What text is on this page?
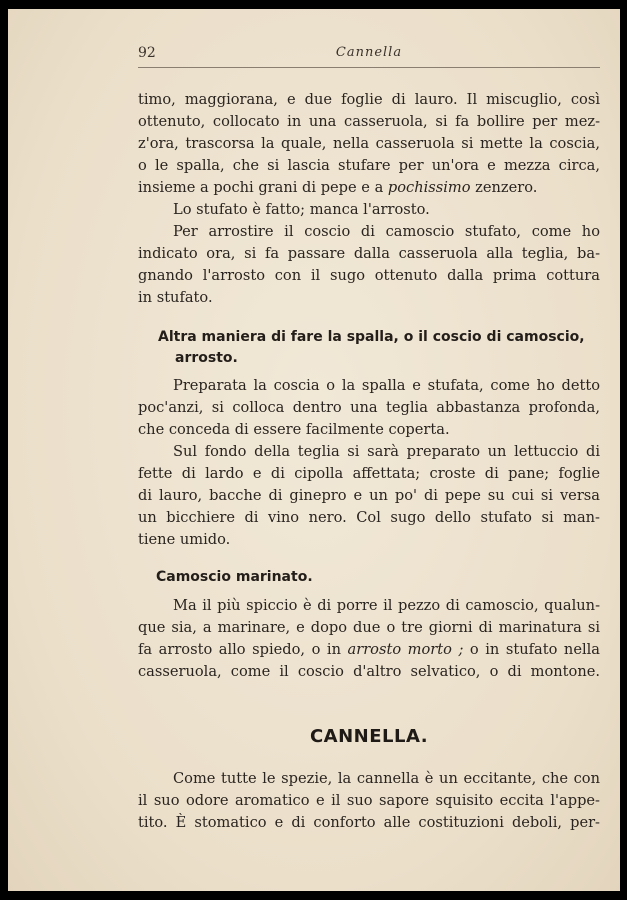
92	Cannella
timo, maggiorana, e due foglie di lauro. Il miscuglio, così
ottenuto, collocato in una casseruola, si fa bollire per mez-
z'ora, trascorsa la quale, nella casseruola si mette la coscia,
o le spalla, che si lascia stufare per un'ora e mezza circa,
insieme a pochi grani di pepe e a pochissimo zenzero.
Lo stufato è fatto; manca l'arrosto.
Per arrostire il coscio di camoscio stufato, come ho
indicato ora, si fa passare dalla casseruola alla teglia, ba-
gnando l'arrosto con il sugo ottenuto dalla prima cottura
in stufato.
Altra maniera di fare la spalla, o il coscio di camoscio,
arrosto.
Preparata la coscia o la spalla e stufata, come ho detto
poc'anzi, si colloca dentro una teglia abbastanza profonda,
che conceda di essere facilmente coperta.
Sul fondo della teglia si sarà preparato un lettuccio di
fette di lardo e di cipolla affettata; croste di pane; foglie
di lauro, bacche di ginepro e un po' di pepe su cui si versa
un bicchiere di vino nero. Col sugo dello stufato si man-
tiene umido.
Camoscio marinato.
Ma il più spiccio è di porre il pezzo di camoscio, qualun-
que sia, a marinare, e dopo due o tre giorni di marinatura si
fa arrosto allo spiedo, o in arrosto morto ; o in stufato nella
casseruola, come il coscio d'altro selvatico, o di montone.
CANNELLA.
Come tutte le spezie, la cannella è un eccitante, che con
il suo odore aromatico e il suo sapore squisito eccita l'appe-
tito. È stomatico e di conforto alle costituzioni deboli, per-
